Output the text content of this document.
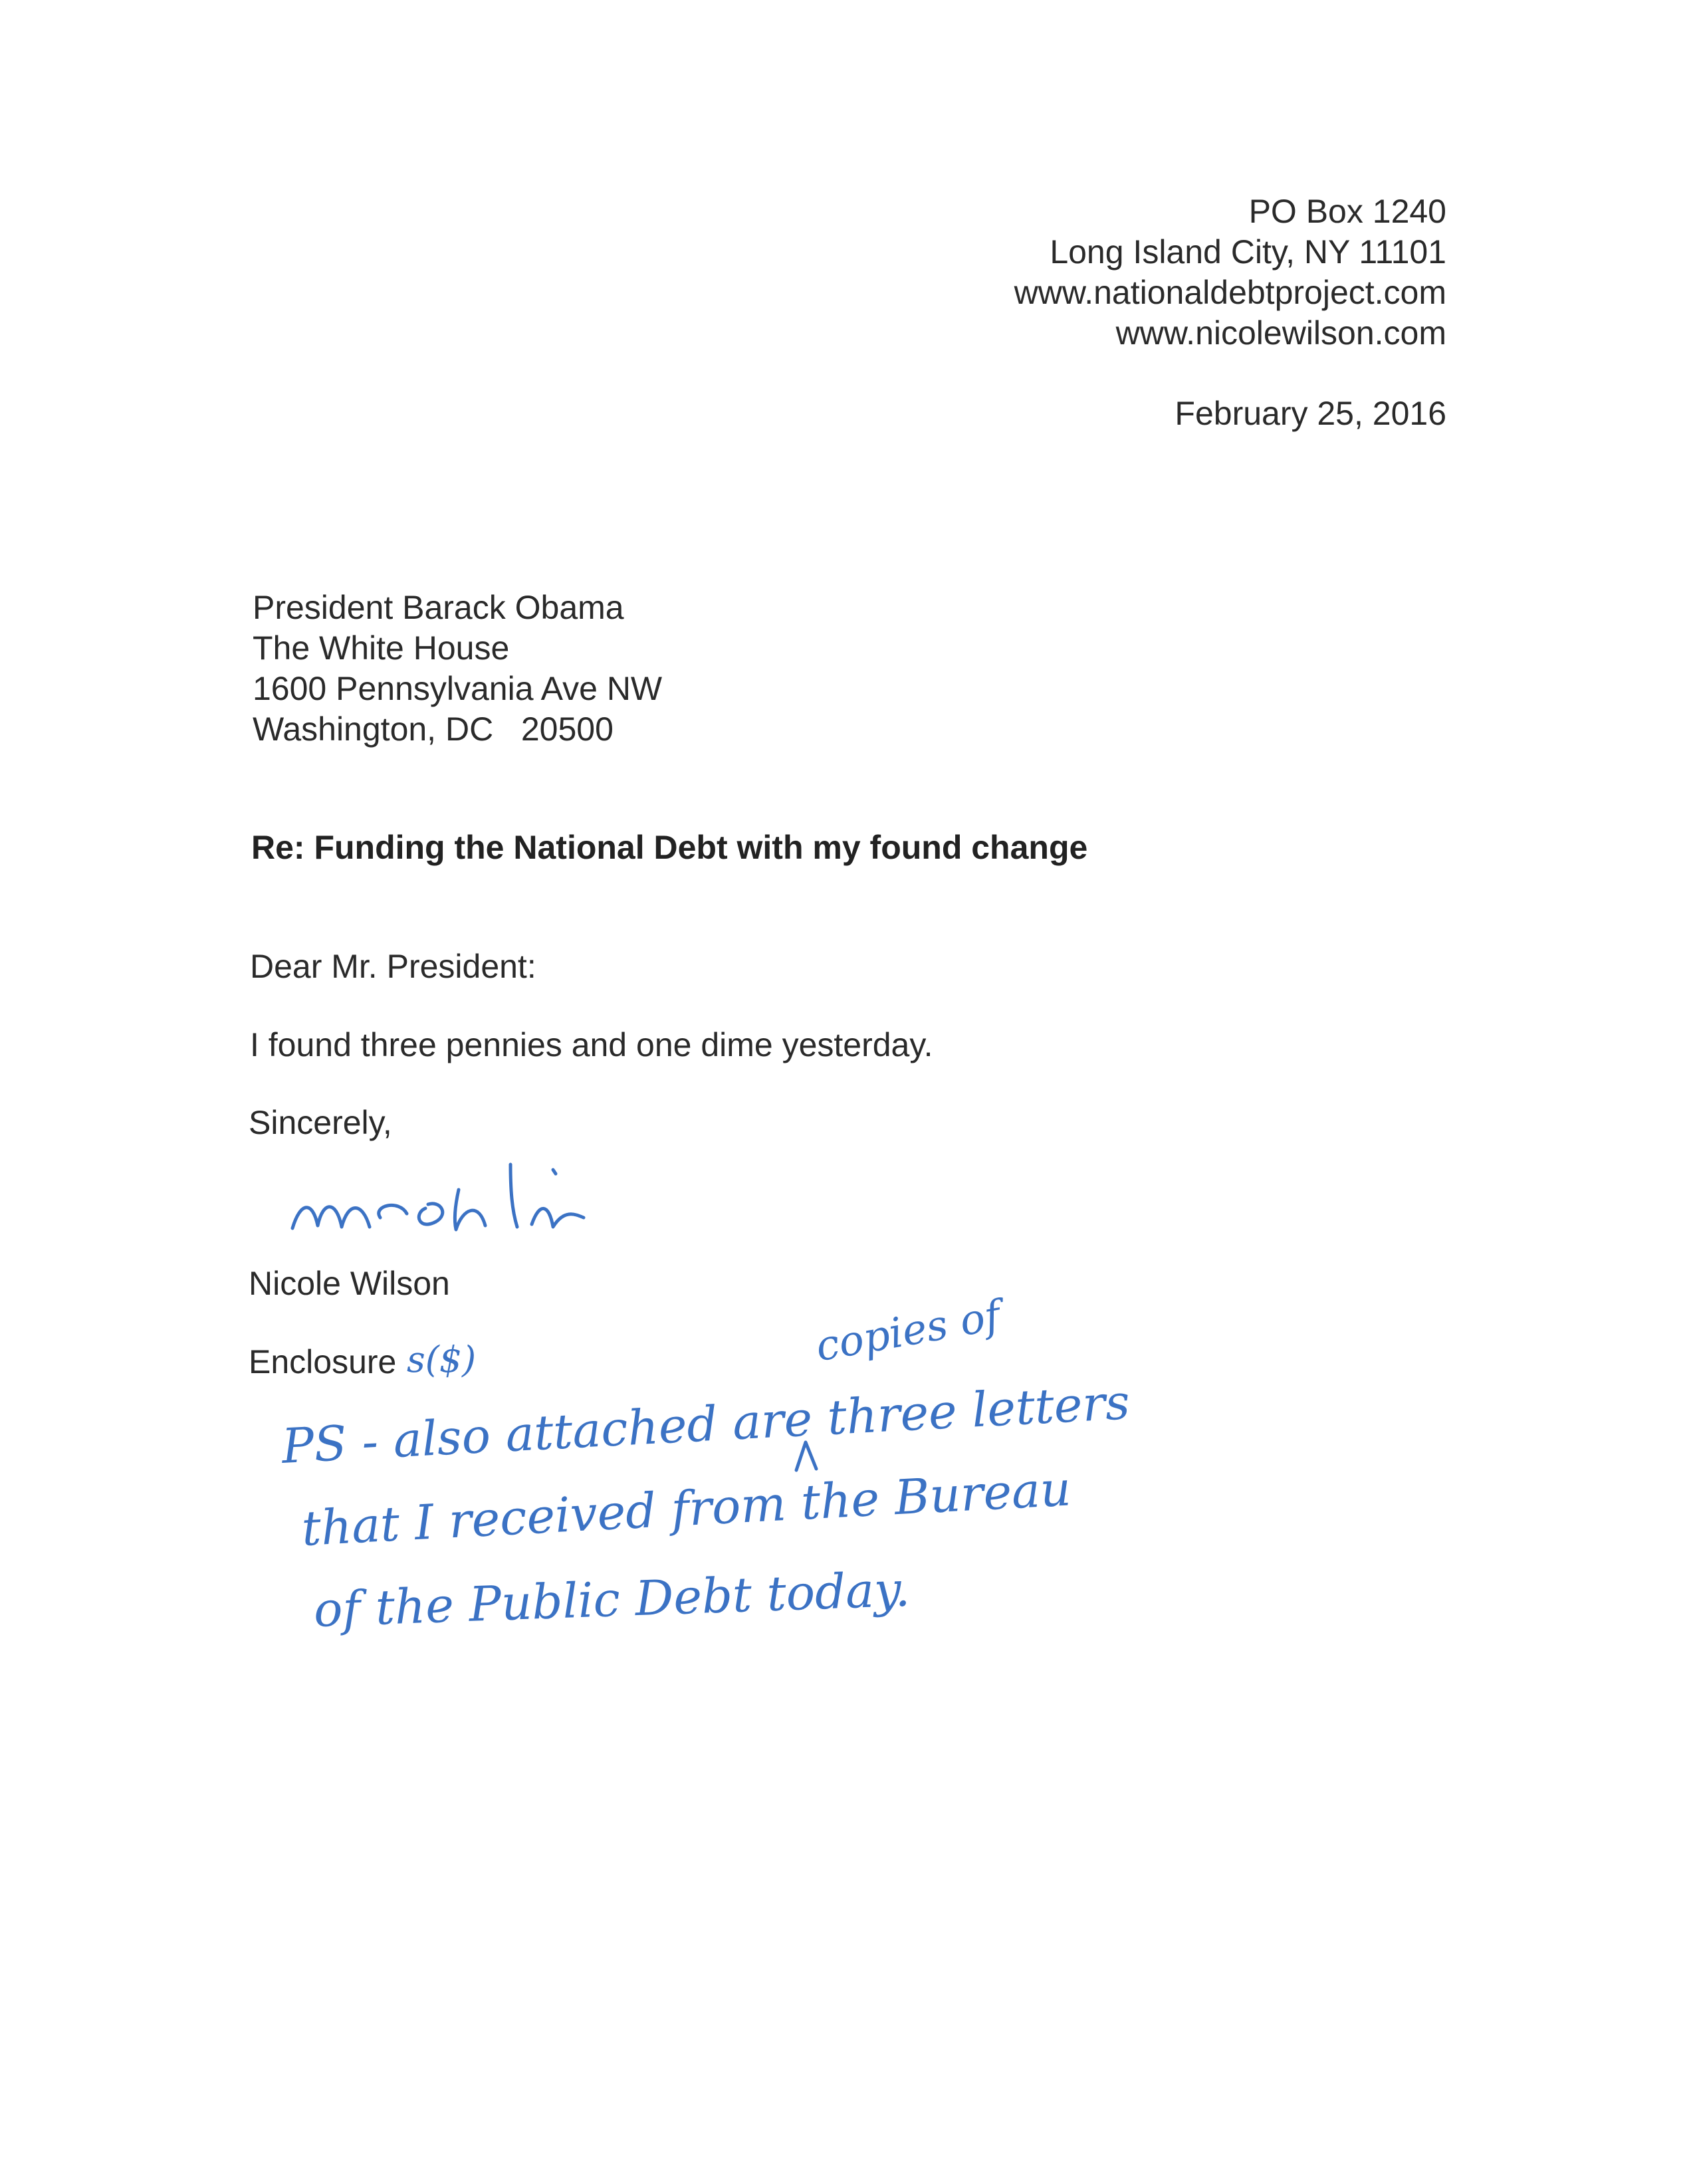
PO Box 1240
Long Island City, NY 11101
www.nationaldebtproject.com
www.nicolewilson.com
February 25, 2016
President Barack Obama
The White House
1600 Pennsylvania Ave NW
Washington, DC   20500
Re: Funding the National Debt with my found change
Dear Mr. President:
I found three pennies and one dime yesterday.
Sincerely,
Nicole Wilson
Enclosure s($)	copies of
PS - also attached are three letters
that I received from the Bureau
of the Public Debt today.
